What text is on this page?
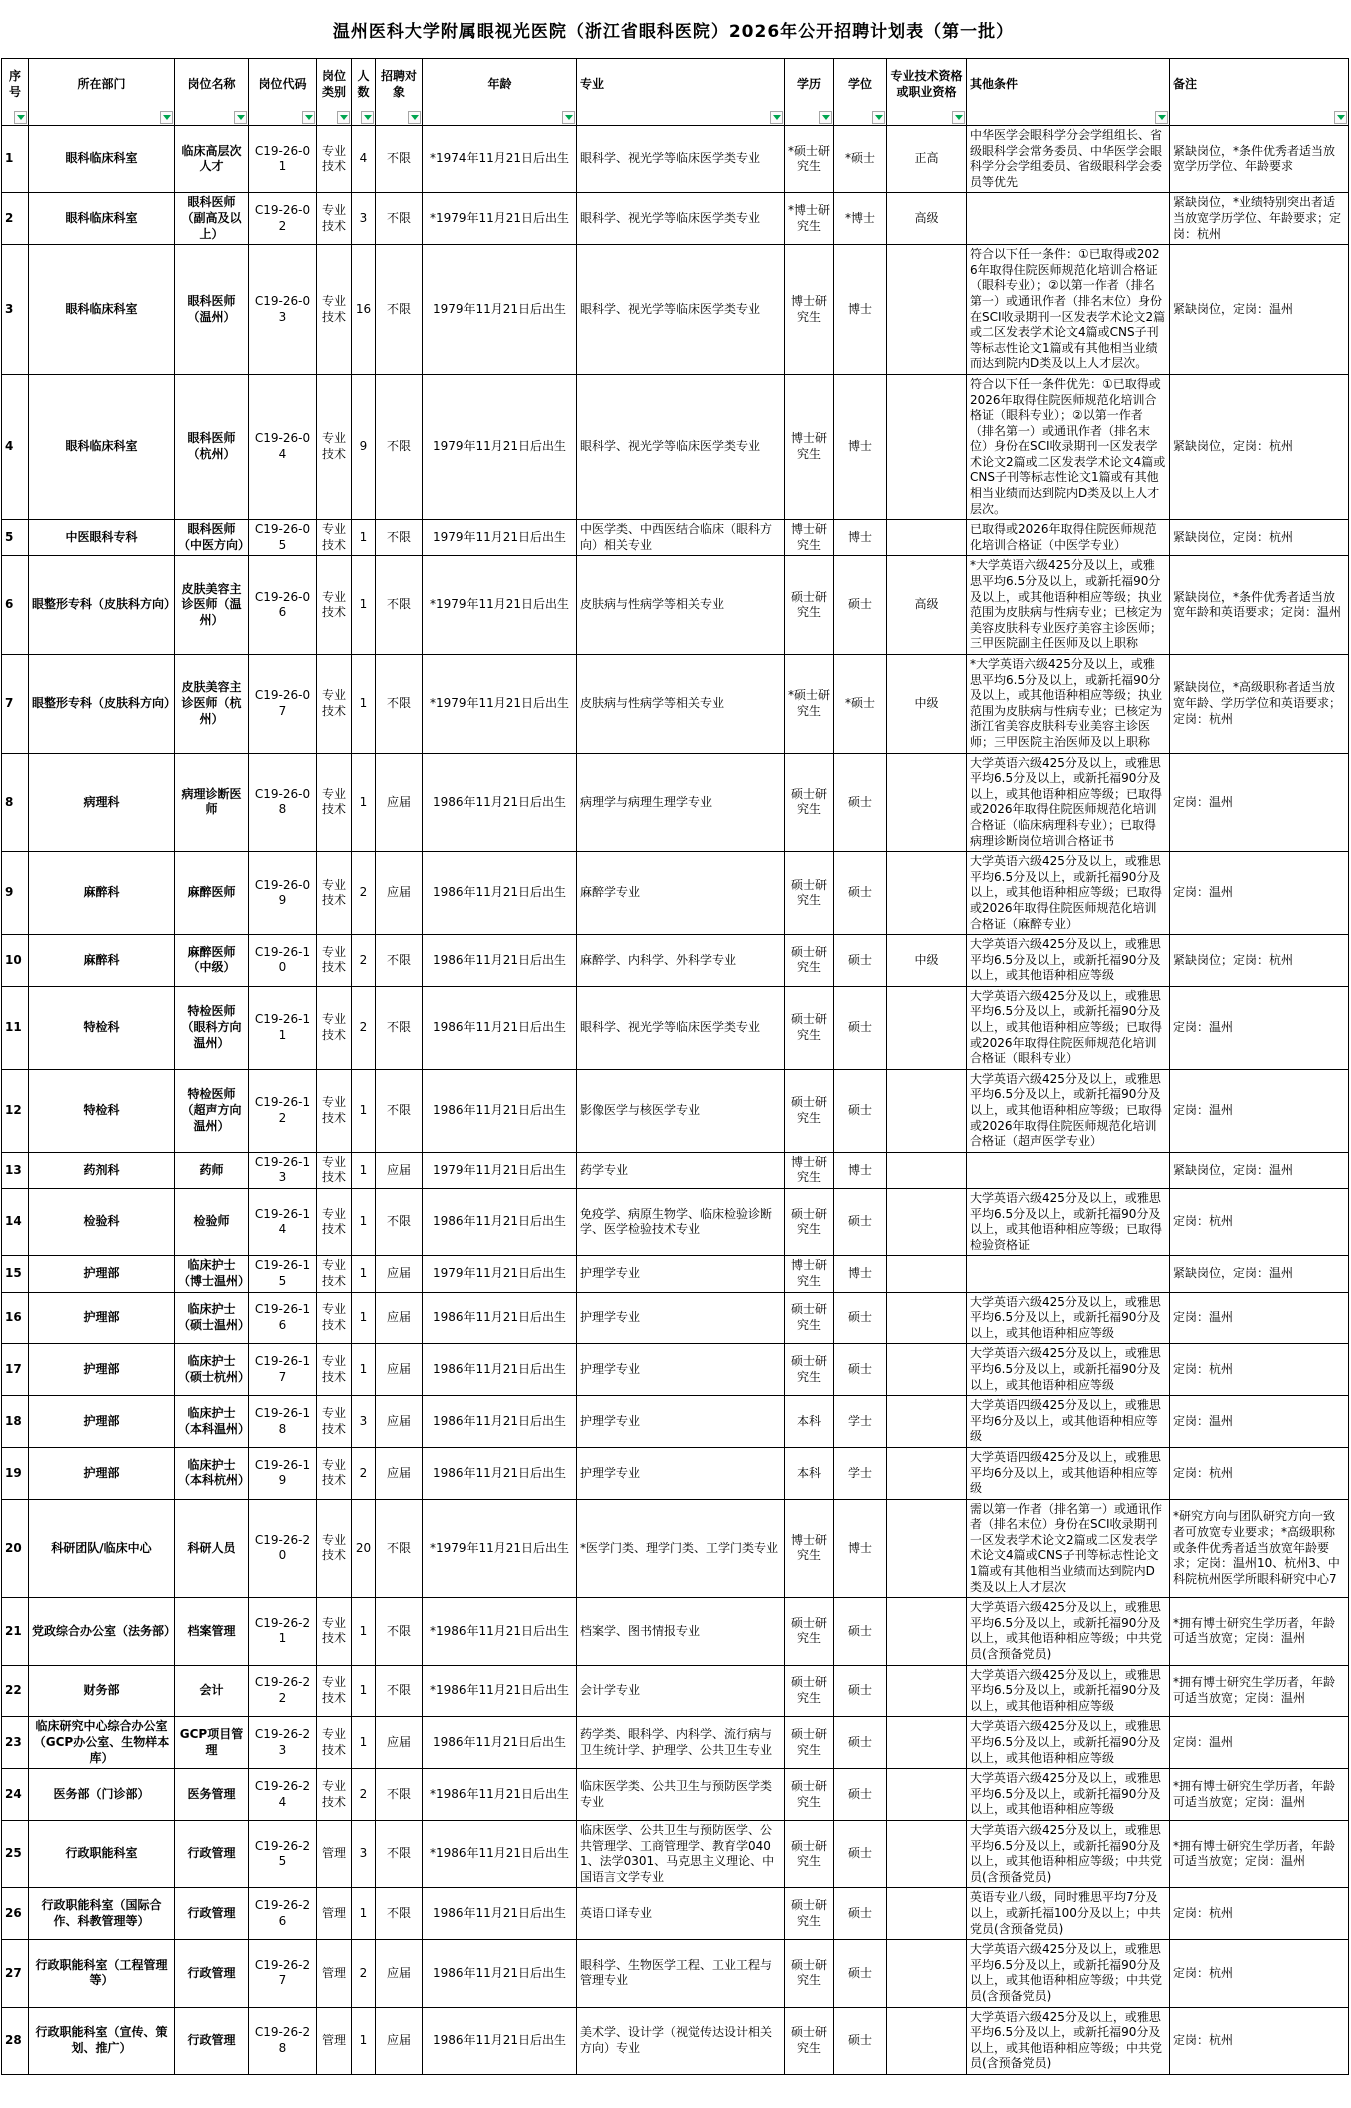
温州医科大学附属眼视光医院（浙江省眼科医院）2026年公开招聘计划表（第一批）
序号	所在部门	岗位名称	岗位代码	岗位类别	人数	招聘对象	年龄	专业	学历	学位	专业技术资格或职业资格	其他条件	备注

1	眼科临床科室	临床高层次人才	C19-26-01	专业技术	4	不限	*1974年11月21日后出生	眼科学、视光学等临床医学类专业	*硕士研究生	*硕士	正高	中华医学会眼科学分会学组组长、省级眼科学会常务委员、中华医学会眼科学分会学组委员、省级眼科学会委员等优先	紧缺岗位，*条件优秀者适当放宽学历学位、年龄要求
2	眼科临床科室	眼科医师（副高及以上）	C19-26-02	专业技术	3	不限	*1979年11月21日后出生	眼科学、视光学等临床医学类专业	*博士研究生	*博士	高级		紧缺岗位，*业绩特别突出者适当放宽学历学位、年龄要求；定岗：杭州
3	眼科临床科室	眼科医师（温州）	C19-26-03	专业技术	16	不限	1979年11月21日后出生	眼科学、视光学等临床医学类专业	博士研究生	博士		符合以下任一条件：①已取得或2026年取得住院医师规范化培训合格证（眼科专业）；②以第一作者（排名第一）或通讯作者（排名末位）身份在SCI收录期刊一区发表学术论文2篇或二区发表学术论文4篇或CNS子刊等标志性论文1篇或有其他相当业绩而达到院内D类及以上人才层次。	紧缺岗位，定岗：温州
4	眼科临床科室	眼科医师（杭州）	C19-26-04	专业技术	9	不限	1979年11月21日后出生	眼科学、视光学等临床医学类专业	博士研究生	博士		符合以下任一条件优先：①已取得或2026年取得住院医师规范化培训合格证（眼科专业）；②以第一作者（排名第一）或通讯作者（排名末位）身份在SCI收录期刊一区发表学术论文2篇或二区发表学术论文4篇或CNS子刊等标志性论文1篇或有其他相当业绩而达到院内D类及以上人才层次。	紧缺岗位，定岗：杭州
5	中医眼科专科	眼科医师（中医方向）	C19-26-05	专业技术	1	不限	1979年11月21日后出生	中医学类、中西医结合临床（眼科方向）相关专业	博士研究生	博士		已取得或2026年取得住院医师规范化培训合格证（中医学专业）	紧缺岗位，定岗：杭州
6	眼整形专科（皮肤科方向）	皮肤美容主诊医师（温州）	C19-26-06	专业技术	1	不限	*1979年11月21日后出生	皮肤病与性病学等相关专业	硕士研究生	硕士	高级	*大学英语六级425分及以上，或雅思平均6.5分及以上，或新托福90分及以上，或其他语种相应等级；执业范围为皮肤病与性病专业；已核定为美容皮肤科专业医疗美容主诊医师；三甲医院副主任医师及以上职称	紧缺岗位，*条件优秀者适当放宽年龄和英语要求；定岗：温州
7	眼整形专科（皮肤科方向）	皮肤美容主诊医师（杭州）	C19-26-07	专业技术	1	不限	*1979年11月21日后出生	皮肤病与性病学等相关专业	*硕士研究生	*硕士	中级	*大学英语六级425分及以上，或雅思平均6.5分及以上，或新托福90分及以上，或其他语种相应等级；执业范围为皮肤病与性病专业；已核定为浙江省美容皮肤科专业美容主诊医师；三甲医院主治医师及以上职称	紧缺岗位，*高级职称者适当放宽年龄、学历学位和英语要求；定岗：杭州
8	病理科	病理诊断医师	C19-26-08	专业技术	1	应届	1986年11月21日后出生	病理学与病理生理学专业	硕士研究生	硕士		大学英语六级425分及以上，或雅思平均6.5分及以上，或新托福90分及以上，或其他语种相应等级；已取得或2026年取得住院医师规范化培训合格证（临床病理科专业）；已取得病理诊断岗位培训合格证书	定岗：温州
9	麻醉科	麻醉医师	C19-26-09	专业技术	2	应届	1986年11月21日后出生	麻醉学专业	硕士研究生	硕士		大学英语六级425分及以上，或雅思平均6.5分及以上，或新托福90分及以上，或其他语种相应等级；已取得或2026年取得住院医师规范化培训合格证（麻醉专业）	定岗：温州
10	麻醉科	麻醉医师（中级）	C19-26-10	专业技术	2	不限	1986年11月21日后出生	麻醉学、内科学、外科学专业	硕士研究生	硕士	中级	大学英语六级425分及以上，或雅思平均6.5分及以上，或新托福90分及以上，或其他语种相应等级	紧缺岗位；定岗：杭州
11	特检科	特检医师（眼科方向温州）	C19-26-11	专业技术	2	不限	1986年11月21日后出生	眼科学、视光学等临床医学类专业	硕士研究生	硕士		大学英语六级425分及以上，或雅思平均6.5分及以上，或新托福90分及以上，或其他语种相应等级；已取得或2026年取得住院医师规范化培训合格证（眼科专业）	定岗：温州
12	特检科	特检医师（超声方向温州）	C19-26-12	专业技术	1	不限	1986年11月21日后出生	影像医学与核医学专业	硕士研究生	硕士		大学英语六级425分及以上，或雅思平均6.5分及以上，或新托福90分及以上，或其他语种相应等级；已取得或2026年取得住院医师规范化培训合格证（超声医学专业）	定岗：温州
13	药剂科	药师	C19-26-13	专业技术	1	应届	1979年11月21日后出生	药学专业	博士研究生	博士			紧缺岗位，定岗：温州
14	检验科	检验师	C19-26-14	专业技术	1	不限	1986年11月21日后出生	免疫学、病原生物学、临床检验诊断学、医学检验技术专业	硕士研究生	硕士		大学英语六级425分及以上，或雅思平均6.5分及以上，或新托福90分及以上，或其他语种相应等级；已取得检验资格证	定岗：杭州
15	护理部	临床护士（博士温州）	C19-26-15	专业技术	1	应届	1979年11月21日后出生	护理学专业	博士研究生	博士			紧缺岗位，定岗：温州
16	护理部	临床护士（硕士温州）	C19-26-16	专业技术	1	应届	1986年11月21日后出生	护理学专业	硕士研究生	硕士		大学英语六级425分及以上，或雅思平均6.5分及以上，或新托福90分及以上，或其他语种相应等级	定岗：温州
17	护理部	临床护士（硕士杭州）	C19-26-17	专业技术	1	应届	1986年11月21日后出生	护理学专业	硕士研究生	硕士		大学英语六级425分及以上，或雅思平均6.5分及以上，或新托福90分及以上，或其他语种相应等级	定岗：杭州
18	护理部	临床护士（本科温州）	C19-26-18	专业技术	3	应届	1986年11月21日后出生	护理学专业	本科	学士		大学英语四级425分及以上，或雅思平均6分及以上，或其他语种相应等级	定岗：温州
19	护理部	临床护士（本科杭州）	C19-26-19	专业技术	2	应届	1986年11月21日后出生	护理学专业	本科	学士		大学英语四级425分及以上，或雅思平均6分及以上，或其他语种相应等级	定岗：杭州
20	科研团队/临床中心	科研人员	C19-26-20	专业技术	20	不限	*1979年11月21日后出生	*医学门类、理学门类、工学门类专业	博士研究生	博士		需以第一作者（排名第一）或通讯作者（排名末位）身份在SCI收录期刊一区发表学术论文2篇或二区发表学术论文4篇或CNS子刊等标志性论文1篇或有其他相当业绩而达到院内D类及以上人才层次	*研究方向与团队研究方向一致者可放宽专业要求；*高级职称或条件优秀者适当放宽年龄要求；定岗：温州10、杭州3、中科院杭州医学所眼科研究中心7
21	党政综合办公室（法务部）	档案管理	C19-26-21	专业技术	1	不限	*1986年11月21日后出生	档案学、图书情报专业	硕士研究生	硕士		大学英语六级425分及以上，或雅思平均6.5分及以上，或新托福90分及以上，或其他语种相应等级；中共党员(含预备党员)	*拥有博士研究生学历者，年龄可适当放宽；定岗：温州
22	财务部	会计	C19-26-22	专业技术	1	不限	*1986年11月21日后出生	会计学专业	硕士研究生	硕士		大学英语六级425分及以上，或雅思平均6.5分及以上，或新托福90分及以上，或其他语种相应等级	*拥有博士研究生学历者，年龄可适当放宽；定岗：温州
23	临床研究中心综合办公室（GCP办公室、生物样本库）	GCP项目管理	C19-26-23	专业技术	1	应届	1986年11月21日后出生	药学类、眼科学、内科学、流行病与卫生统计学、护理学、公共卫生专业	硕士研究生	硕士		大学英语六级425分及以上，或雅思平均6.5分及以上，或新托福90分及以上，或其他语种相应等级	定岗：温州
24	医务部（门诊部）	医务管理	C19-26-24	专业技术	2	不限	*1986年11月21日后出生	临床医学类、公共卫生与预防医学类专业	硕士研究生	硕士		大学英语六级425分及以上，或雅思平均6.5分及以上，或新托福90分及以上，或其他语种相应等级	*拥有博士研究生学历者，年龄可适当放宽；定岗：温州
25	行政职能科室	行政管理	C19-26-25	管理	3	不限	*1986年11月21日后出生	临床医学、公共卫生与预防医学、公共管理学、工商管理学、教育学0401、法学0301、马克思主义理论、中国语言文学专业	硕士研究生	硕士		大学英语六级425分及以上，或雅思平均6.5分及以上，或新托福90分及以上，或其他语种相应等级；中共党员(含预备党员)	*拥有博士研究生学历者，年龄可适当放宽；定岗：温州
26	行政职能科室（国际合作、科教管理等）	行政管理	C19-26-26	管理	1	不限	1986年11月21日后出生	英语口译专业	硕士研究生	硕士		英语专业八级，同时雅思平均7分及以上，或新托福100分及以上；中共党员(含预备党员)	定岗：杭州
27	行政职能科室（工程管理等）	行政管理	C19-26-27	管理	2	应届	1986年11月21日后出生	眼科学、生物医学工程、工业工程与管理专业	硕士研究生	硕士		大学英语六级425分及以上，或雅思平均6.5分及以上，或新托福90分及以上，或其他语种相应等级；中共党员(含预备党员)	定岗：杭州
28	行政职能科室（宣传、策划、推广）	行政管理	C19-26-28	管理	1	应届	1986年11月21日后出生	美术学、设计学（视觉传达设计相关方向）专业	硕士研究生	硕士		大学英语六级425分及以上，或雅思平均6.5分及以上，或新托福90分及以上，或其他语种相应等级；中共党员(含预备党员)	定岗：杭州
